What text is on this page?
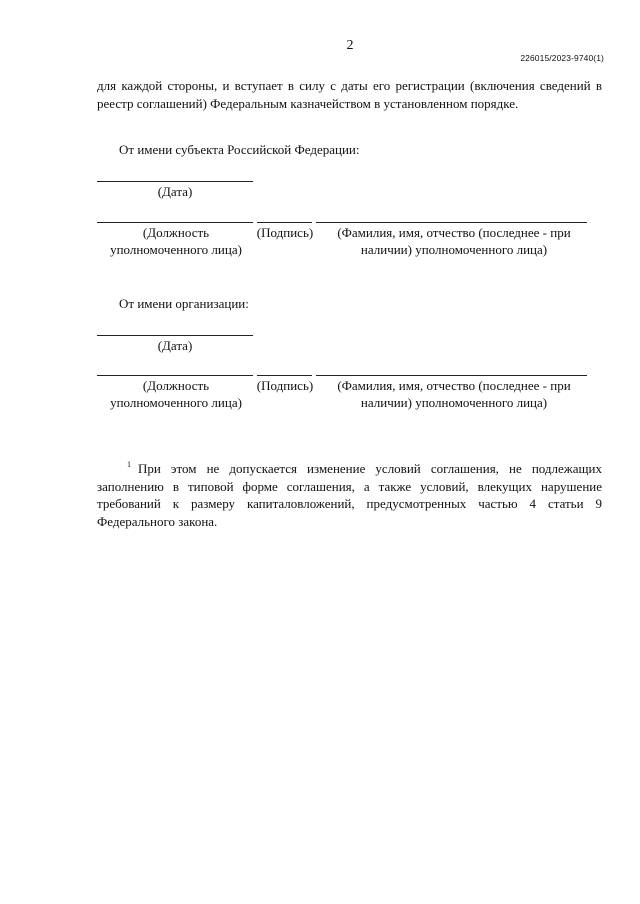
2
226015/2023-9740(1)
для каждой стороны, и вступает в силу с даты его регистрации (включения сведений в реестр соглашений) Федеральным казначейством в установленном порядке.
От имени субъекта Российской Федерации:
(Дата)
(Должность уполномоченного лица)
(Подпись)	(Фамилия, имя, отчество (последнее - при наличии) уполномоченного лица)
От имени организации:
(Дата)
(Должность уполномоченного лица)
(Подпись)	(Фамилия, имя, отчество (последнее - при наличии) уполномоченного лица)
$^1$ При этом не допускается изменение условий соглашения, не подлежащих заполнению в типовой форме соглашения, а также условий, влекущих нарушение требований к размеру капиталовложений, предусмотренных частью 4 статьи 9 Федерального закона.
